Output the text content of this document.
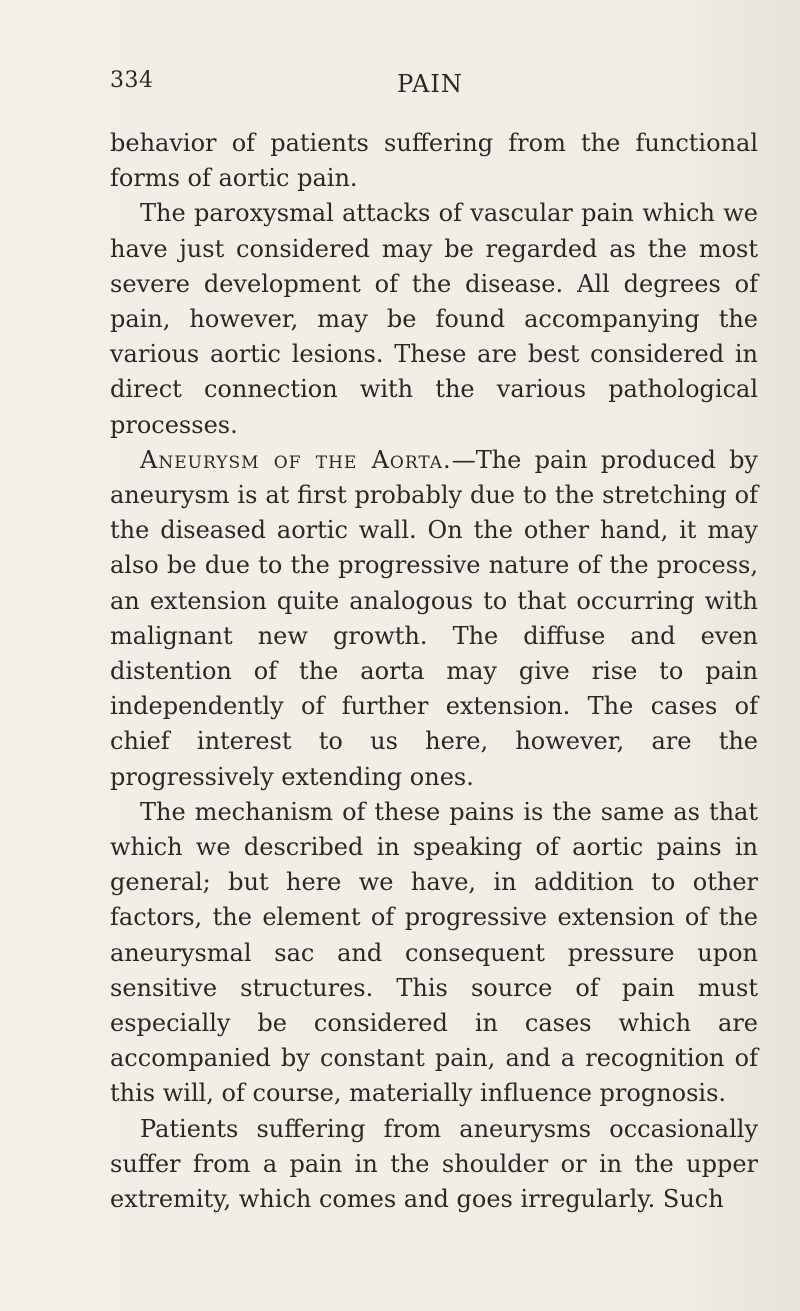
334	PAIN

behavior of patients suffering from the functional forms of aortic pain.

The paroxysmal attacks of vascular pain which we have just considered may be regarded as the most severe development of the disease. All degrees of pain, however, may be found accompanying the various aortic lesions. These are best considered in direct connection with the various pathological processes.

Aneurysm of the Aorta.—The pain produced by aneurysm is at first probably due to the stretching of the diseased aortic wall. On the other hand, it may also be due to the progressive nature of the process, an extension quite analogous to that occurring with malignant new growth. The diffuse and even distention of the aorta may give rise to pain independently of further extension. The cases of chief interest to us here, however, are the progressively extending ones.

The mechanism of these pains is the same as that which we described in speaking of aortic pains in general; but here we have, in addition to other factors, the element of progressive extension of the aneurysmal sac and consequent pressure upon sensitive structures. This source of pain must especially be considered in cases which are accompanied by constant pain, and a recognition of this will, of course, materially influence prognosis.

Patients suffering from aneurysms occasionally suffer from a pain in the shoulder or in the upper extremity, which comes and goes irregularly. Such
